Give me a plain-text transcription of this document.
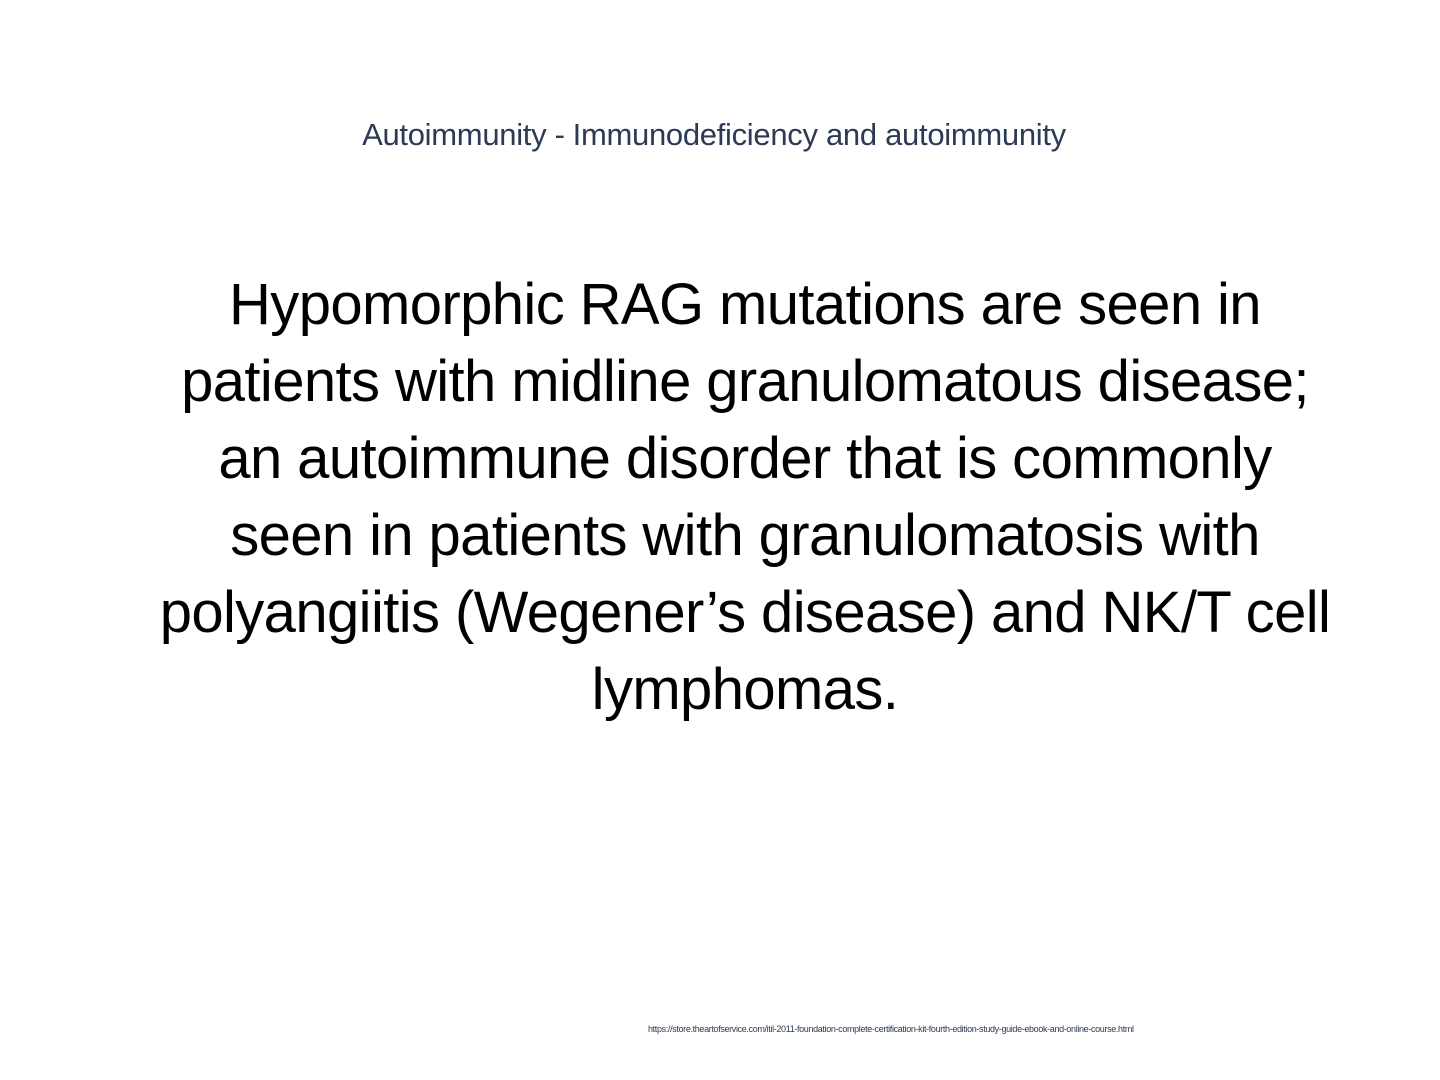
Autoimmunity - Immunodeficiency and autoimmunity
Hypomorphic RAG mutations are seen in patients with midline granulomatous disease; an autoimmune disorder that is commonly seen in patients with granulomatosis with polyangiitis (Wegener’s disease) and NK/T cell lymphomas.
https://store.theartofservice.com/itil-2011-foundation-complete-certification-kit-fourth-edition-study-guide-ebook-and-online-course.html
